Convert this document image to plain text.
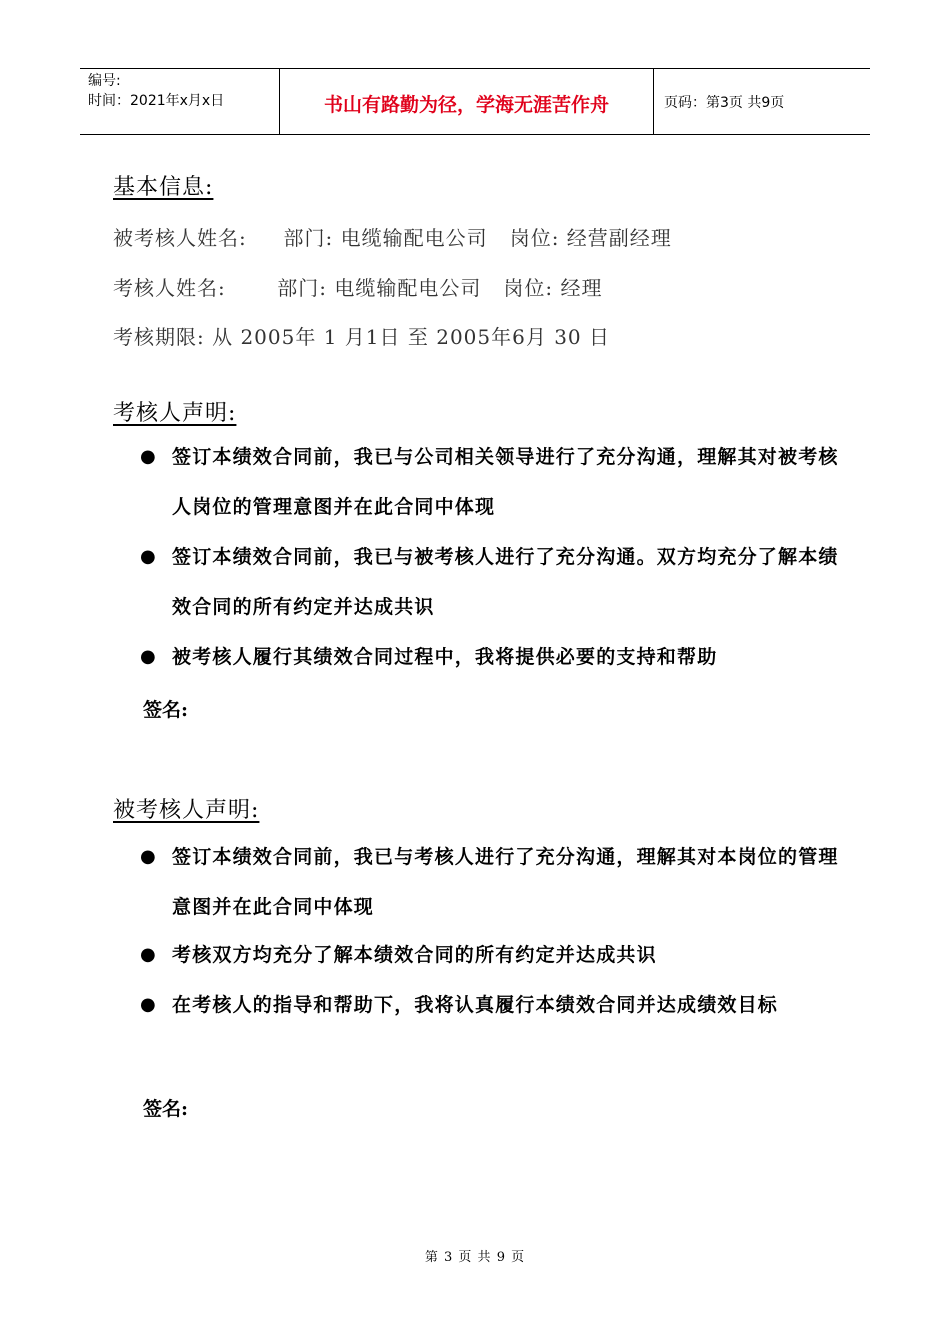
编号:
时间：2021年x月x日	书山有路勤为径，学海无涯苦作舟	页码：第3页 共9页
基本信息:
被考核人姓名:     部门: 电缆输配电公司   岗位: 经营副经理
考核人姓名:       部门: 电缆输配电公司   岗位: 经理
考核期限: 从 2005年 1 月1日 至 2005年6月 30 日
考核人声明:
● 签订本绩效合同前，我已与公司相关领导进行了充分沟通，理解其对被考核人岗位的管理意图并在此合同中体现
● 签订本绩效合同前，我已与被考核人进行了充分沟通。双方均充分了解本绩效合同的所有约定并达成共识
● 被考核人履行其绩效合同过程中，我将提供必要的支持和帮助
签名:
被考核人声明:
● 签订本绩效合同前，我已与考核人进行了充分沟通，理解其对本岗位的管理意图并在此合同中体现
● 考核双方均充分了解本绩效合同的所有约定并达成共识
● 在考核人的指导和帮助下，我将认真履行本绩效合同并达成绩效目标
签名:
第 3 页 共 9 页
